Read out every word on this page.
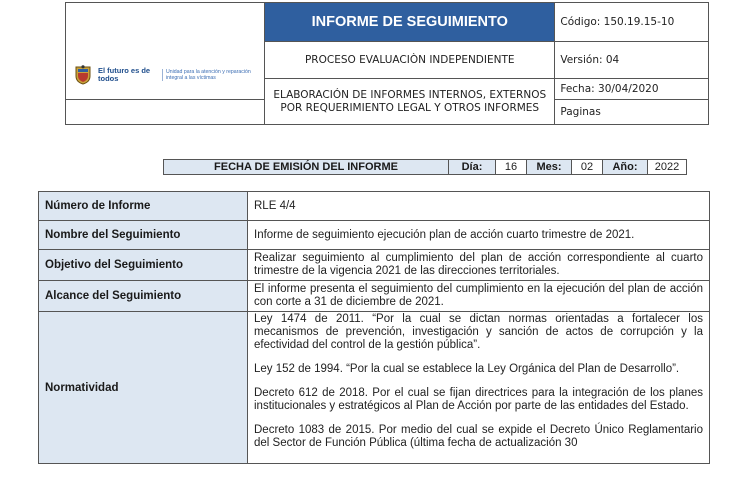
El futuro es de todos
Unidad para la atención y reparación integral a las víctimas	INFORME DE SEGUIMIENTO	Código: 150.19.15-10
	PROCESO EVALUACIÒN INDEPENDIENTE	Versión: 04
	ELABORACIÓN DE INFORMES INTERNOS, EXTERNOS POR REQUERIMIENTO LEGAL Y OTROS INFORMES	Fecha: 30/04/2020
		Paginas
FECHA DE EMISIÓN DEL INFORME	Día:	16	Mes:	02	Año:	2022
Número de Informe	RLE 4/4
Nombre del Seguimiento	Informe de seguimiento ejecución plan de acción cuarto trimestre de 2021.
Objetivo del Seguimiento	Realizar seguimiento al cumplimiento del plan de acción correspondiente al cuarto trimestre de la vigencia 2021 de las direcciones territoriales.
Alcance del Seguimiento	El informe presenta el seguimiento del cumplimiento en la ejecución del plan de acción con corte a 31 de diciembre de 2021.
Normatividad	Ley 1474 de 2011. “Por la cual se dictan normas orientadas a fortalecer los mecanismos de prevención, investigación y sanción de actos de corrupción y la efectividad del control de la gestión pública”.

Ley 152 de 1994. “Por la cual se establece la Ley Orgánica del Plan de Desarrollo”.

Decreto 612 de 2018. Por el cual se fijan directrices para la integración de los planes institucionales y estratégicos al Plan de Acción por parte de las entidades del Estado.

Decreto 1083 de 2015. Por medio del cual se expide el Decreto Único Reglamentario del Sector de Función Pública (última fecha de actualización 30
